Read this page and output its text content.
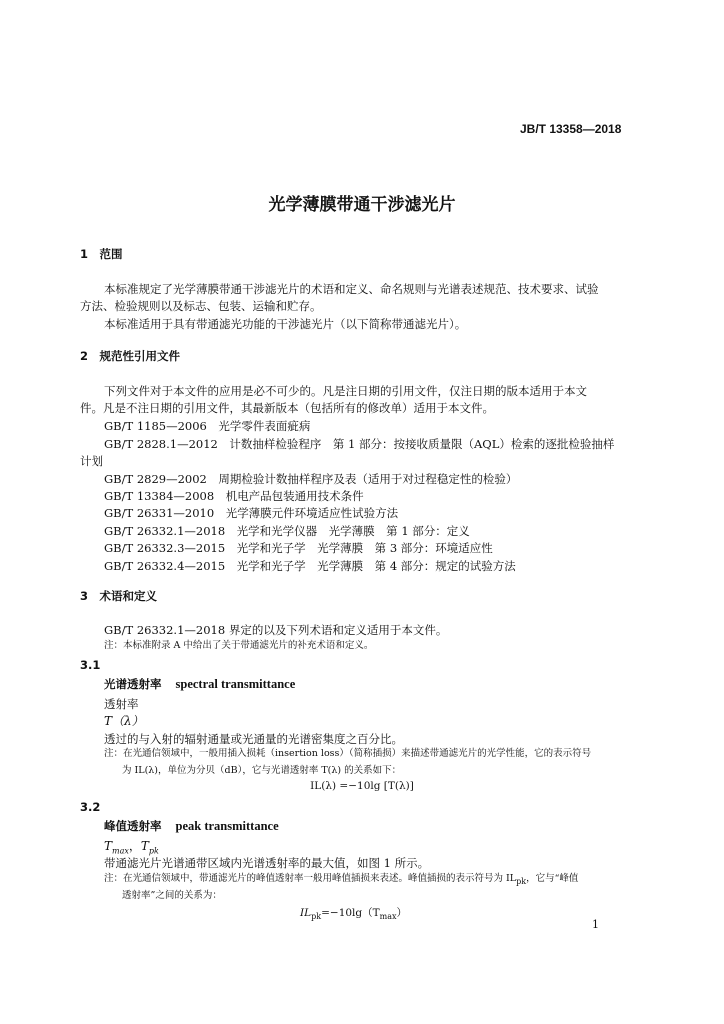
JB/T 13358—2018
光学薄膜带通干涉滤光片
1　范围
本标准规定了光学薄膜带通干涉滤光片的术语和定义、命名规则与光谱表述规范、技术要求、试验
方法、检验规则以及标志、包装、运输和贮存。
本标准适用于具有带通滤光功能的干涉滤光片（以下简称带通滤光片）。
2　规范性引用文件
下列文件对于本文件的应用是必不可少的。凡是注日期的引用文件，仅注日期的版本适用于本文
件。凡是不注日期的引用文件，其最新版本（包括所有的修改单）适用于本文件。
GB/T 1185—2006　光学零件表面疵病
GB/T 2828.1—2012　计数抽样检验程序　第 1 部分：按接收质量限（AQL）检索的逐批检验抽样
计划
GB/T 2829—2002　周期检验计数抽样程序及表（适用于对过程稳定性的检验）
GB/T 13384—2008　机电产品包装通用技术条件
GB/T 26331—2010　光学薄膜元件环境适应性试验方法
GB/T 26332.1—2018　光学和光学仪器　光学薄膜　第 1 部分：定义
GB/T 26332.3—2015　光学和光子学　光学薄膜　第 3 部分：环境适应性
GB/T 26332.4—2015　光学和光子学　光学薄膜　第 4 部分：规定的试验方法
3　术语和定义
GB/T 26332.1—2018 界定的以及下列术语和定义适用于本文件。
注：本标准附录 A 中给出了关于带通滤光片的补充术语和定义。
3.1
光谱透射率 spectral transmittance
透射率
T（λ）
透过的与入射的辐射通量或光通量的光谱密集度之百分比。
注：在光通信领域中，一般用插入损耗（insertion loss）（简称插损）来描述带通滤光片的光学性能，它的表示符号
为 IL(λ)，单位为分贝（dB），它与光谱透射率 T(λ) 的关系如下：
IL(λ) =−10lg [T(λ)]
3.2
峰值透射率 peak transmittance
$T_{max}$，$T_{pk}$
带通滤光片光谱通带区域内光谱透射率的最大值，如图 1 所示。
注：在光通信领域中，带通滤光片的峰值透射率一般用峰值插损来表述。峰值插损的表示符号为 $IL_{pk}$，它与“峰值
透射率”之间的关系为：
$IL_{pk}=-10\lg(T_{max})$
1
